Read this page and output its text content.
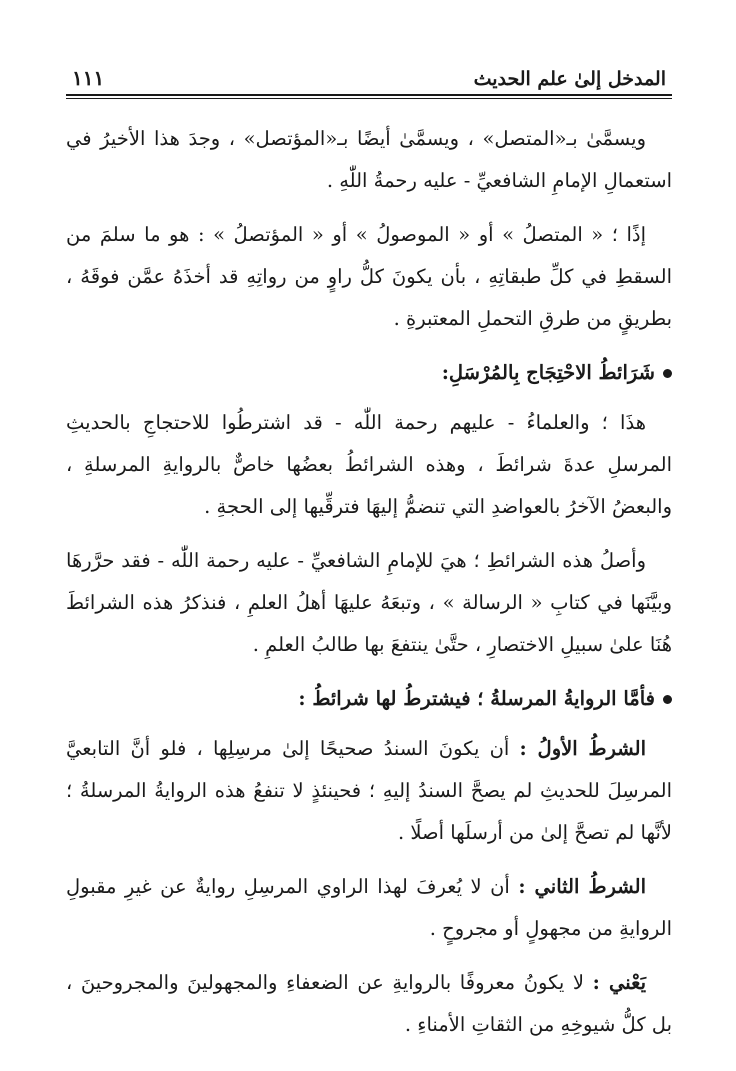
المدخل إلىٰ علم الحديث
١١١

ويسمَّىٰ بـ«المتصل» ، ويسمَّىٰ أيضًا بـ«المؤتصل» ، وجدَ هذا الأخيرُ في استعمالِ الإمامِ الشافعيِّ - عليه رحمةُ اللّٰهِ .

إذًا ؛ « المتصلُ » أو « الموصولُ » أو « المؤتصلُ » : هو ما سلمَ من السقطِ في كلِّ طبقاتِهِ ، بأن يكونَ كلُّ راوٍ من رواتِهِ قد أخذَهُ عمَّن فوقَهُ ، بطريقٍ من طرقِ التحملِ المعتبرةِ .

شَرَائطُ الاحْتِجَاج بِالمُرْسَلِ:

هذَا ؛ والعلماءُ - عليهم رحمة اللّٰه - قد اشترطُوا للاحتجاجِ بالحديثِ المرسلِ عدةَ شرائطَ ، وهذه الشرائطُ بعضُها خاصٌّ بالروايةِ المرسلةِ ، والبعضُ الآخرُ بالعواضدِ التي تنضمُّ إليهَا فترقِّيها إلى الحجةِ .

وأصلُ هذه الشرائطِ ؛ هيَ للإمامِ الشافعيِّ - عليه رحمة اللّٰه - فقد حرَّرهَا وبيَّنَها في كتابِ « الرسالة » ، وتبعَهُ عليهَا أهلُ العلمِ ، فنذكرُ هذه الشرائطَ هُنَا علىٰ سبيلِ الاختصارِ ، حتَّىٰ ينتفعَ بها طالبُ العلمِ .

فأمَّا الروايةُ المرسلةُ ؛ فيشترطُ لها شرائطُ :

الشرطُ الأولُ : أن يكونَ السندُ صحيحًا إلىٰ مرسِلِها ، فلو أنَّ التابعيَّ المرسِلَ للحديثِ لم يصحَّ السندُ إليهِ ؛ فحينئذٍ لا تنفعُ هذه الروايةُ المرسلةُ ؛ لأنَّها لم تصحَّ إلىٰ من أرسلَها أصلًا .

الشرطُ الثاني : أن لا يُعرفَ لهذا الراوي المرسِلِ روايةٌ عن غيرِ مقبولِ الروايةِ من مجهولٍ أو مجروحٍ .

يَعْني : لا يكونُ معروفًا بالروايةِ عن الضعفاءِ والمجهولينَ والمجروحينَ ، بل كلُّ شيوخِهِ من الثقاتِ الأمناءِ .
